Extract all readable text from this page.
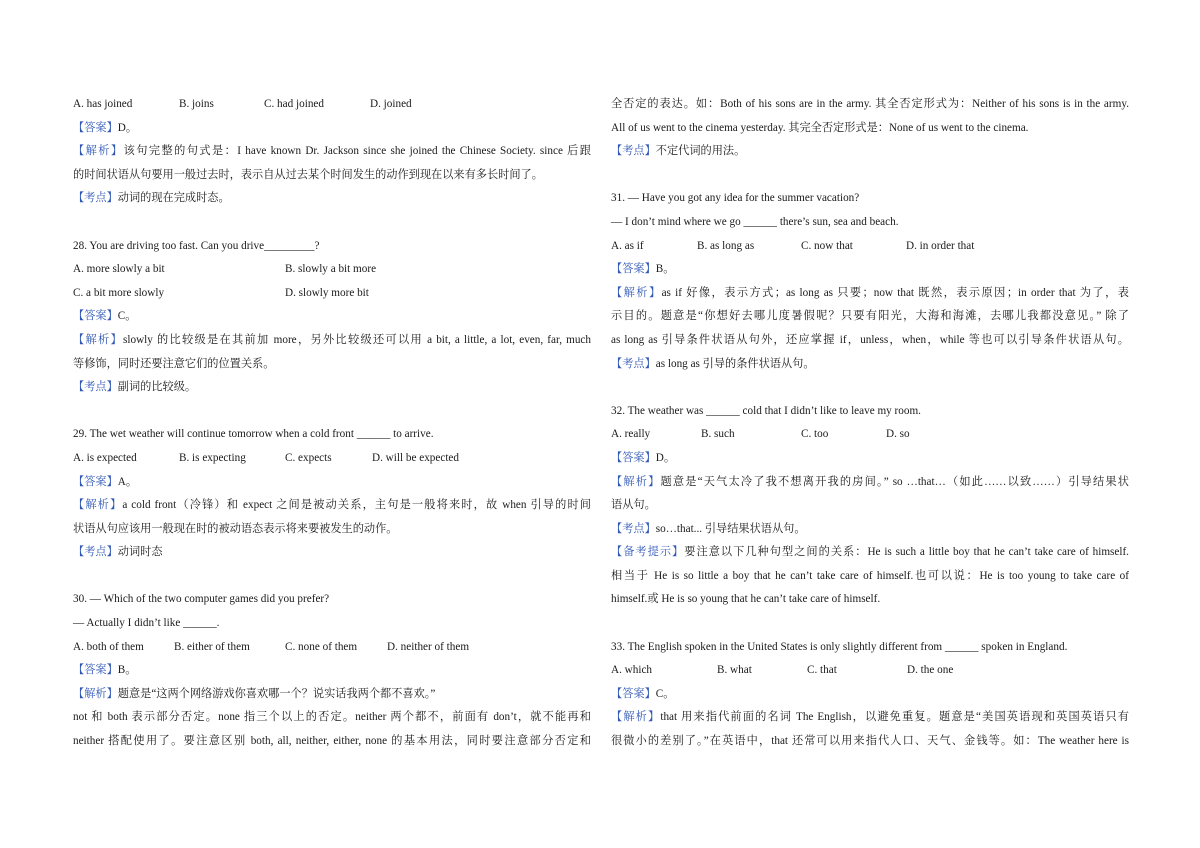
A. has joined	B. joins	C. had joined	D. joined
【答案】D。
【解析】该句完整的句式是：I have known Dr. Jackson since she joined the Chinese Society. since 后跟
的时间状语从句要用一般过去时，表示自从过去某个时间发生的动作到现在以来有多长时间了。
【考点】动词的现在完成时态。
28. You are driving too fast. Can you drive_________?
A. more slowly a bit	B. slowly a bit more
C. a bit more slowly	D. slowly more bit
【答案】C。
【解析】slowly 的比较级是在其前加 more，另外比较级还可以用 a bit, a little, a lot, even, far, much
等修饰，同时还要注意它们的位置关系。
【考点】副词的比较级。
29. The wet weather will continue tomorrow when a cold front ______ to arrive.
A. is expected	B. is expecting	C. expects	D. will be expected
【答案】A。
【解析】a cold front（冷锋）和 expect 之间是被动关系，主句是一般将来时，故 when 引导的时间
状语从句应该用一般现在时的被动语态表示将来要被发生的动作。
【考点】动词时态
30. — Which of the two computer games did you prefer?
— Actually I didn’t like ______.
A. both of them	B. either of them	C. none of them	D. neither of them
【答案】B。
【解析】题意是“这两个网络游戏你喜欢哪一个？说实话我两个都不喜欢。”
not 和 both 表示部分否定。none 指三个以上的否定。neither 两个都不，前面有 don’t，就不能再和
neither 搭配使用了。要注意区别 both, all, neither, either, none 的基本用法，同时要注意部分否定和
全否定的表达。如：Both of his sons are in the army. 其全否定形式为：Neither of his sons is in the army.
All of us went to the cinema yesterday. 其完全否定形式是：None of us went to the cinema.
【考点】不定代词的用法。
31. — Have you got any idea for the summer vacation?
— I don’t mind where we go ______ there’s sun, sea and beach.
A. as if	B. as long as	C. now that	D. in order that
【答案】B。
【解析】as if 好像，表示方式；as long as 只要；now that 既然，表示原因；in order that 为了，表
示目的。题意是“你想好去哪儿度暑假呢？只要有阳光，大海和海滩，去哪儿我都没意见。” 除了
as long as 引导条件状语从句外，还应掌握 if，unless，when，while 等也可以引导条件状语从句。
【考点】as long as 引导的条件状语从句。
32. The weather was ______ cold that I didn’t like to leave my room.
A. really	B. such	C. too	D. so
【答案】D。
【解析】题意是“天气太冷了我不想离开我的房间。” so …that…（如此……以致……）引导结果状
语从句。
【考点】so…that... 引导结果状语从句。
【备考提示】要注意以下几种句型之间的关系：He is such a little boy that he can’t take care of himself.
相当于 He is so little a boy that he can’t take care of himself.也可以说：He is too young to take care of
himself.或 He is so young that he can’t take care of himself.
33. The English spoken in the United States is only slightly different from ______ spoken in England.
A. which	B. what	C. that	D. the one
【答案】C。
【解析】that 用来指代前面的名词 The English，以避免重复。题意是“美国英语现和英国英语只有
很微小的差别了。”在英语中，that 还常可以用来指代人口、天气、金钱等。如：The weather here is
